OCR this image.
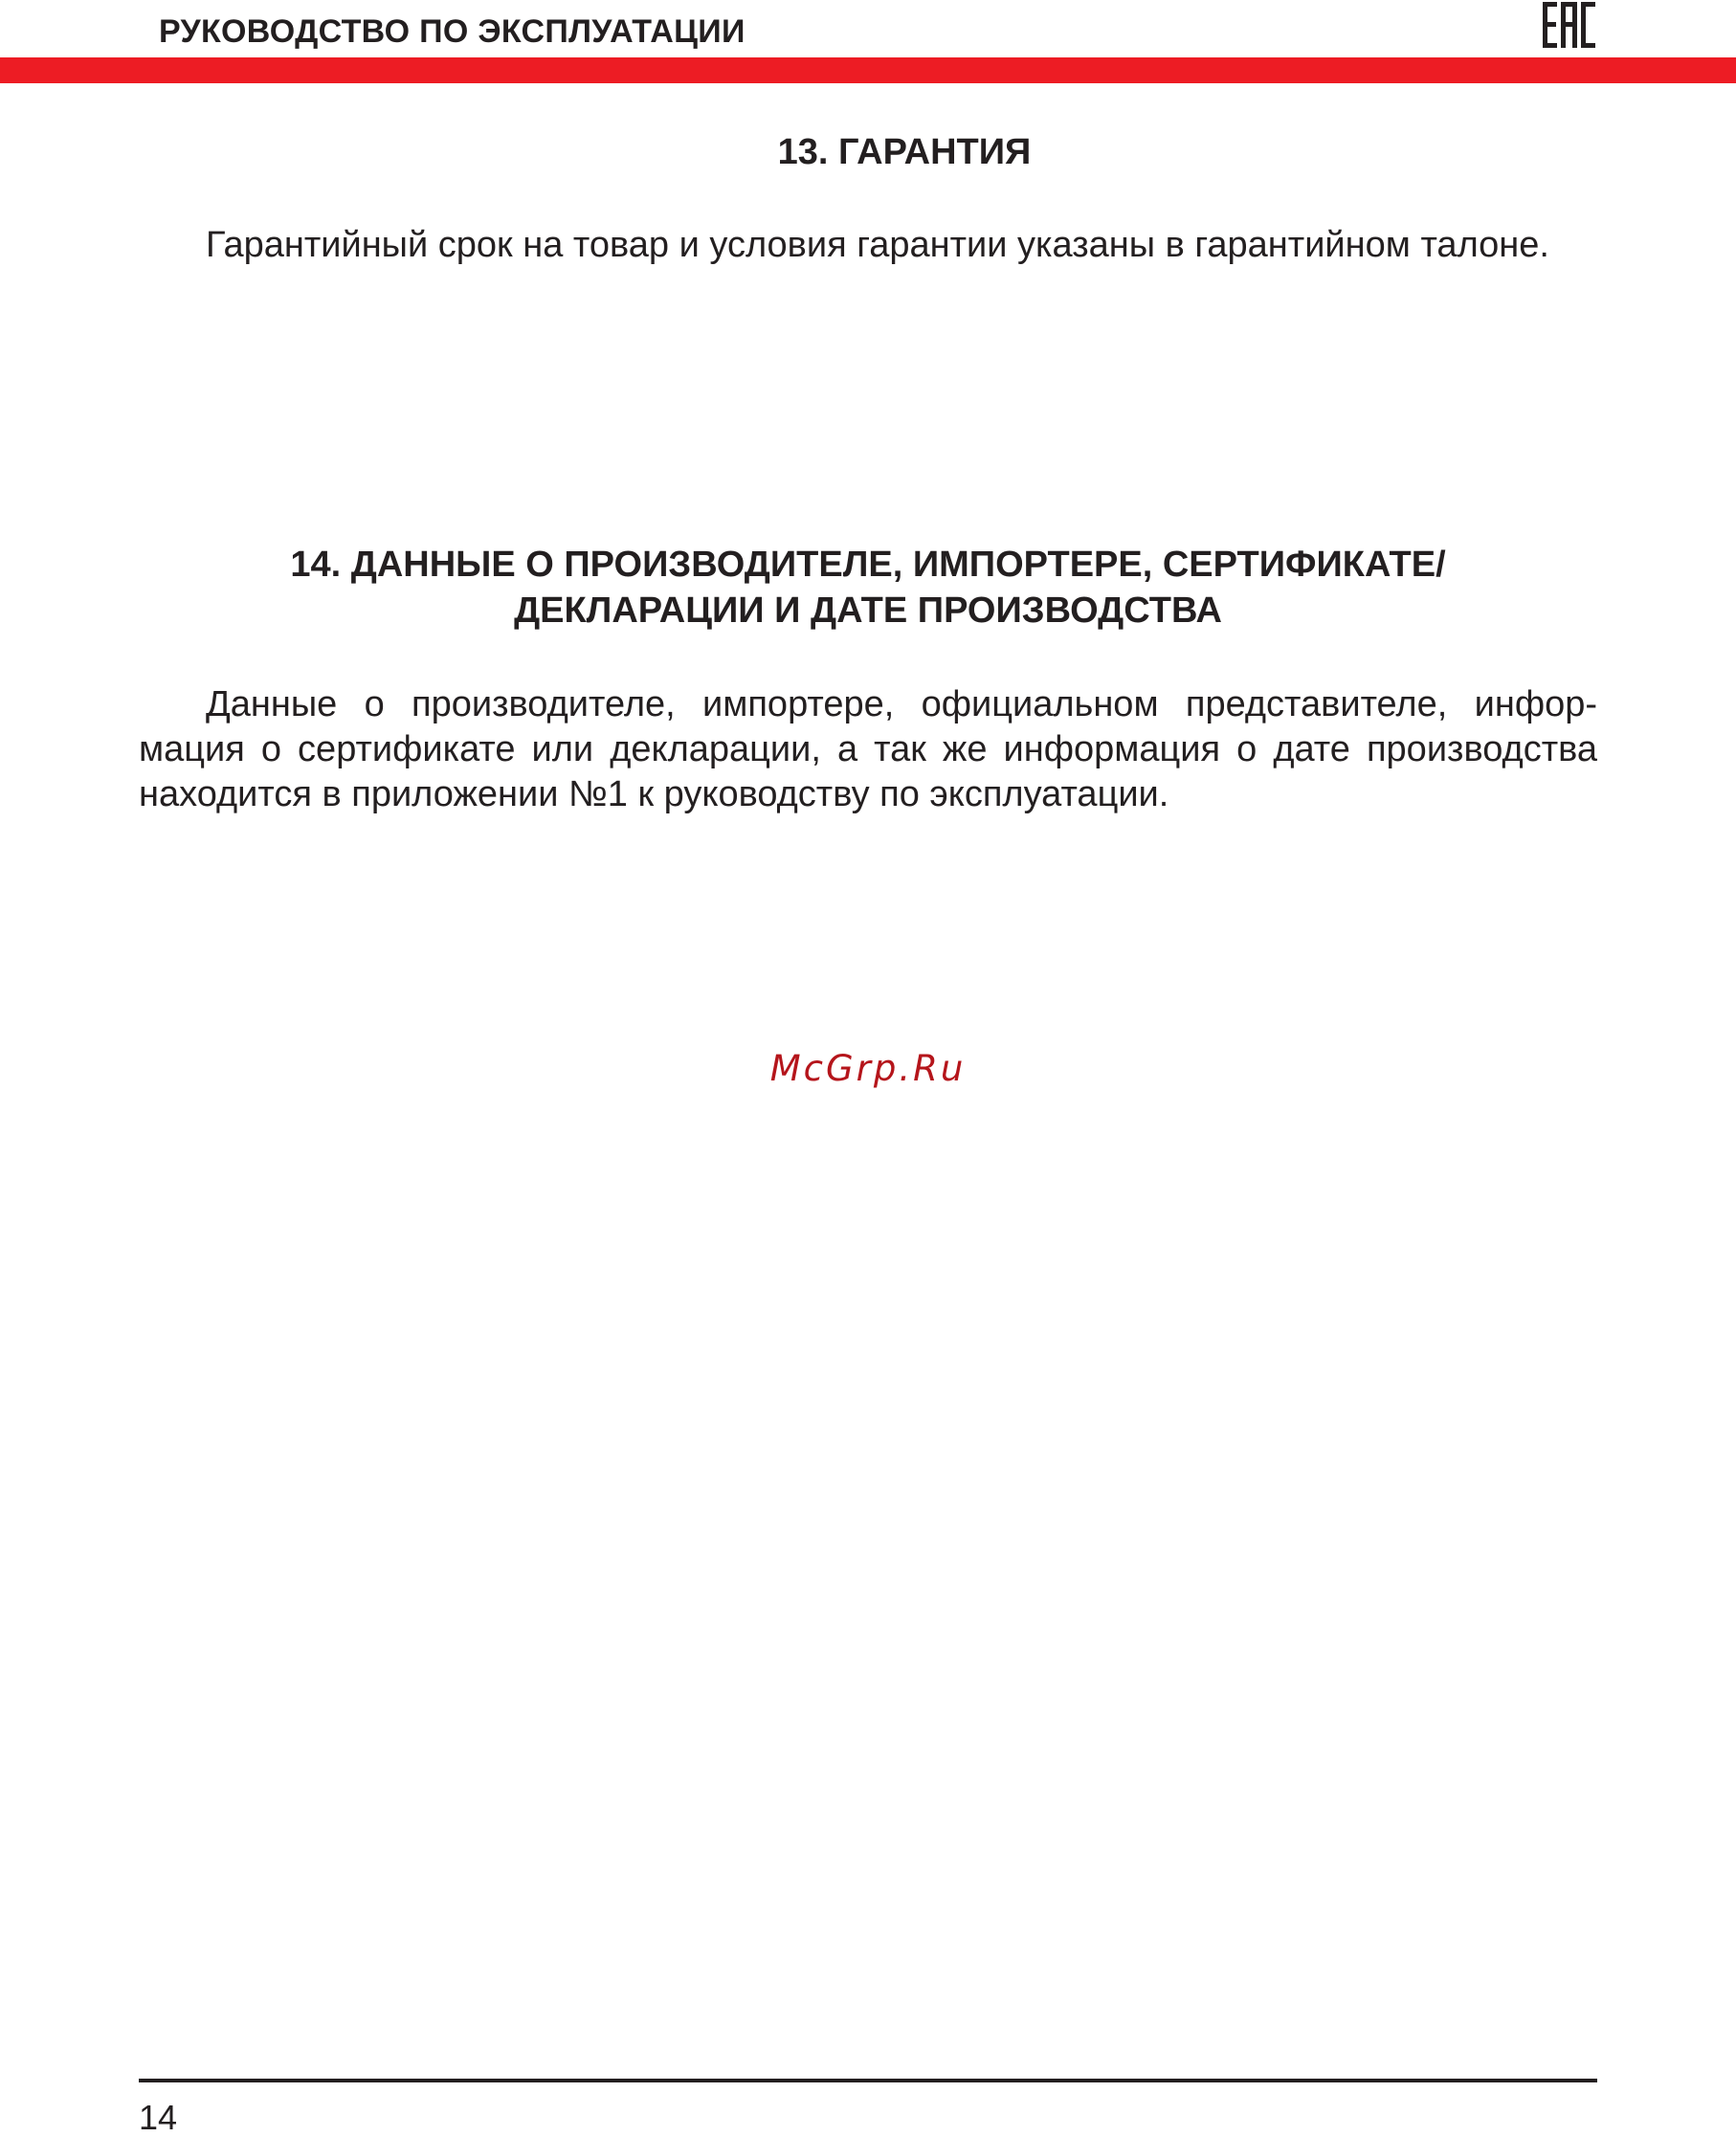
РУКОВОДСТВО ПО ЭКСПЛУАТАЦИИ
13. ГАРАНТИЯ
Гарантийный срок на товар и условия гарантии указаны в гарантийном талоне.
14. ДАННЫЕ О ПРОИЗВОДИТЕЛЕ, ИМПОРТЕРЕ, СЕРТИФИКАТЕ/
ДЕКЛАРАЦИИ И ДАТЕ ПРОИЗВОДСТВА
Данные о производителе, импортере, официальном представителе, инфор-
мация о сертификате или декларации, а так же информация о дате производства
находится в приложении №1 к руководству по эксплуатации.
McGrp.Ru
14
